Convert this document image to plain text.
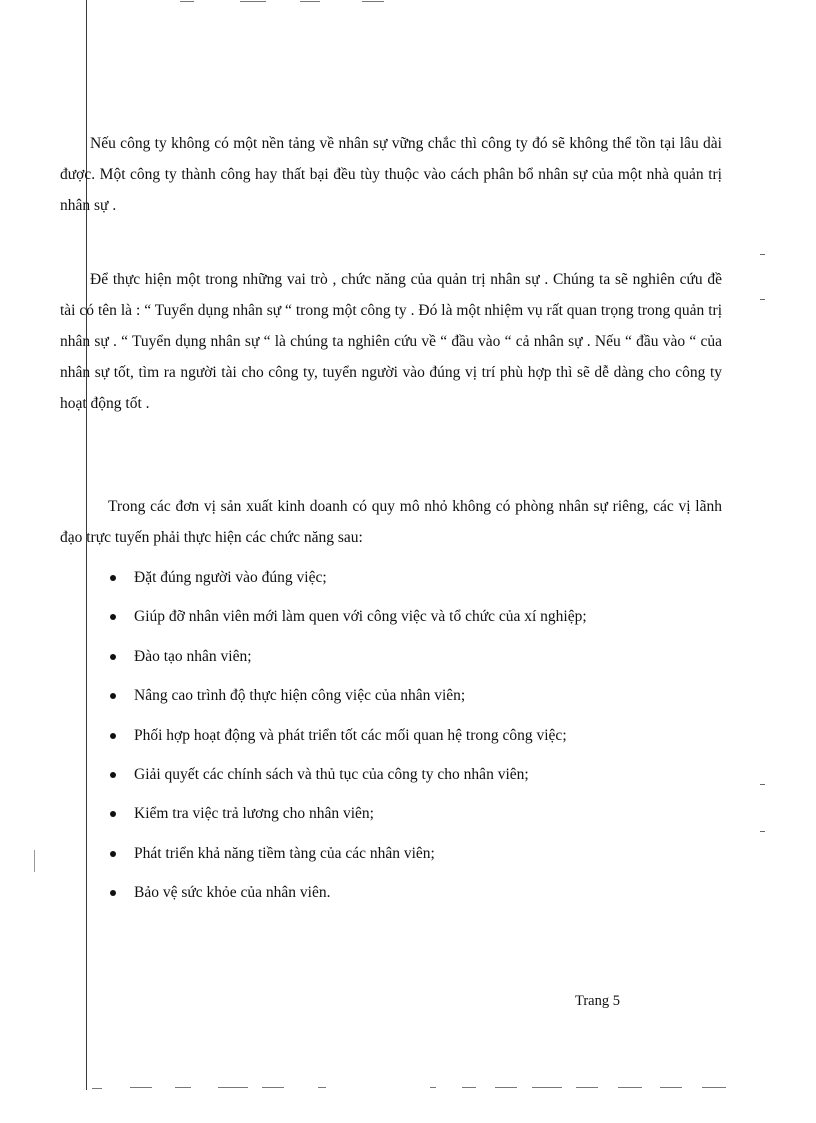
Nếu công ty không có một nền tảng về nhân sự vững chắc thì công ty đó sẽ không thể tồn tại lâu dài được. Một công ty thành công hay thất bại đều tùy thuộc vào cách phân bổ nhân sự của một nhà quản trị nhân sự .

Để thực hiện một trong những vai trò , chức năng của quản trị nhân sự . Chúng ta sẽ nghiên cứu đề tài có tên là : “ Tuyển dụng nhân sự “ trong một công ty . Đó là một nhiệm vụ rất quan trọng trong quản trị nhân sự . “ Tuyển dụng nhân sự “ là chúng ta nghiên cứu về “ đầu vào “ cả nhân sự . Nếu “ đầu vào “ của nhân sự tốt, tìm ra người tài cho công ty, tuyển người vào đúng vị trí phù hợp thì sẽ dễ dàng cho công ty hoạt động tốt .

Trong các đơn vị sản xuất kinh doanh có quy mô nhỏ không có phòng nhân sự riêng, các vị lãnh đạo trực tuyến phải thực hiện các chức năng sau:

Đặt đúng người vào đúng việc;
Giúp đỡ nhân viên mới làm quen với công việc và tổ chức của xí nghiệp;
Đào tạo nhân viên;
Nâng cao trình độ thực hiện công việc của nhân viên;
Phối hợp hoạt động và phát triển tốt các mối quan hệ trong công việc;
Giải quyết các chính sách và thủ tục của công ty cho nhân viên;
Kiểm tra việc trả lương cho nhân viên;
Phát triển khả năng tiềm tàng của các nhân viên;
Bảo vệ sức khỏe của nhân viên.
Trang 5
